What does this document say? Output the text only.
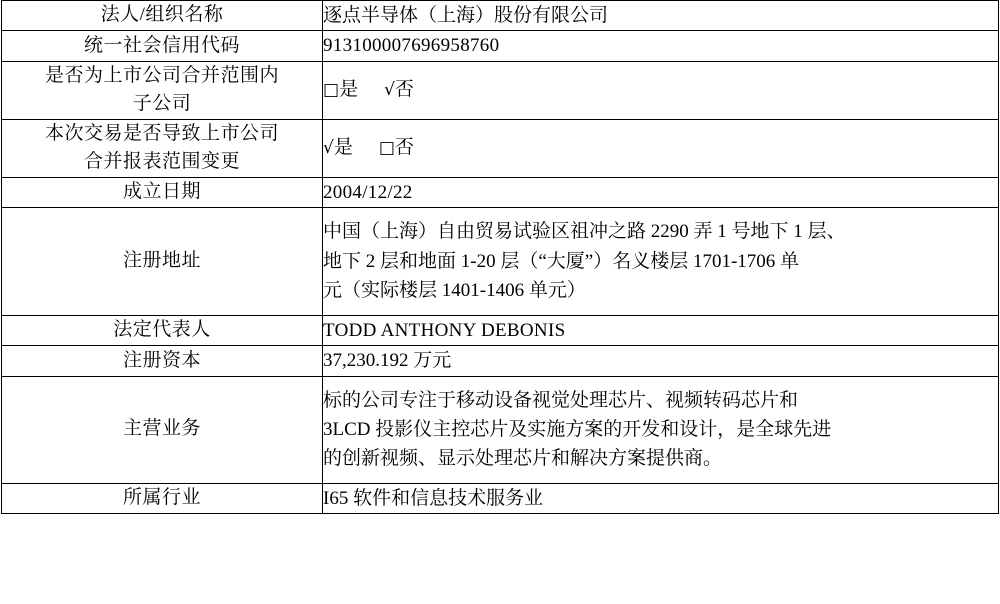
法人/组织名称	逐点半导体（上海）股份有限公司
统一社会信用代码	913100007696958760

是否为上市公司合并范围内
子公司	□是 √否

本次交易是否导致上市公司
合并报表范围变更	√是 □否

成立日期	2004/12/22
注册地址	中国（上海）自由贸易试验区祖冲之路 2290 弄 1 号地下 1 层、
地下 2 层和地面 1-20 层（“大厦”）名义楼层 1701-1706 单
元（实际楼层 1401-1406 单元）

法定代表人	TODD ANTHONY DEBONIS
注册资本	37,230.192 万元
主营业务	标的公司专注于移动设备视觉处理芯片、视频转码芯片和
3LCD 投影仪主控芯片及实施方案的开发和设计，是全球先进
的创新视频、显示处理芯片和解决方案提供商。

所属行业	I65 软件和信息技术服务业
